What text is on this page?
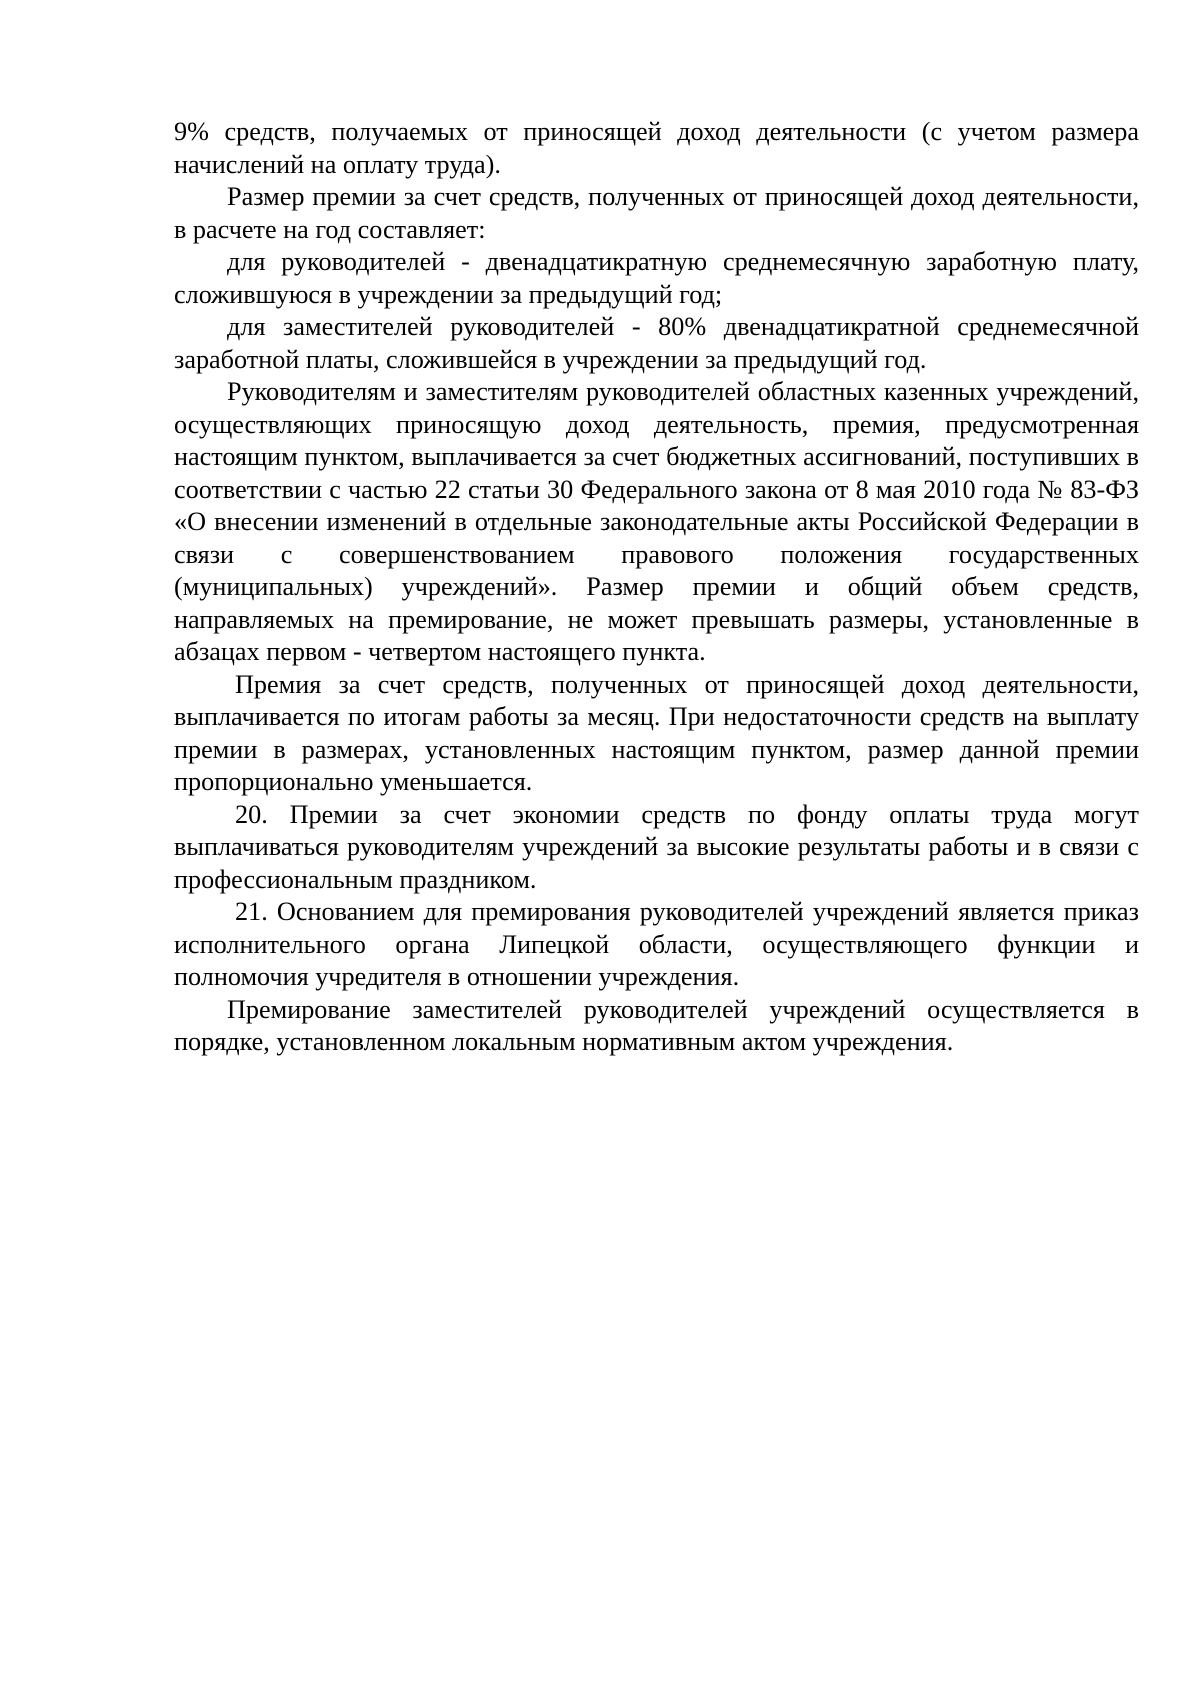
9% средств, получаемых от приносящей доход деятельности (с учетом размера начислений на оплату труда).

Размер премии за счет средств, полученных от приносящей доход деятельности, в расчете на год составляет:

для руководителей - двенадцатикратную среднемесячную заработную плату, сложившуюся в учреждении за предыдущий год;

для заместителей руководителей - 80% двенадцатикратной среднемесячной заработной платы, сложившейся в учреждении за предыдущий год.

Руководителям и заместителям руководителей областных казенных учреждений, осуществляющих приносящую доход деятельность, премия, предусмотренная настоящим пунктом, выплачивается за счет бюджетных ассигнований, поступивших в соответствии с частью 22 статьи 30 Федерального закона от 8 мая 2010 года № 83-ФЗ «О внесении изменений в отдельные законодательные акты Российской Федерации в связи с совершенствованием правового положения государственных (муниципальных) учреждений». Размер премии и общий объем средств, направляемых на премирование, не может превышать размеры, установленные в абзацах первом - четвертом настоящего пункта.

Премия за счет средств, полученных от приносящей доход деятельности, выплачивается по итогам работы за месяц. При недостаточности средств на выплату премии в размерах, установленных настоящим пунктом, размер данной премии пропорционально уменьшается.

20. Премии за счет экономии средств по фонду оплаты труда могут выплачиваться руководителям учреждений за высокие результаты работы и в связи с профессиональным праздником.

21. Основанием для премирования руководителей учреждений является приказ исполнительного органа Липецкой области, осуществляющего функции и полномочия учредителя в отношении учреждения.

Премирование заместителей руководителей учреждений осуществляется в порядке, установленном локальным нормативным актом учреждения.
